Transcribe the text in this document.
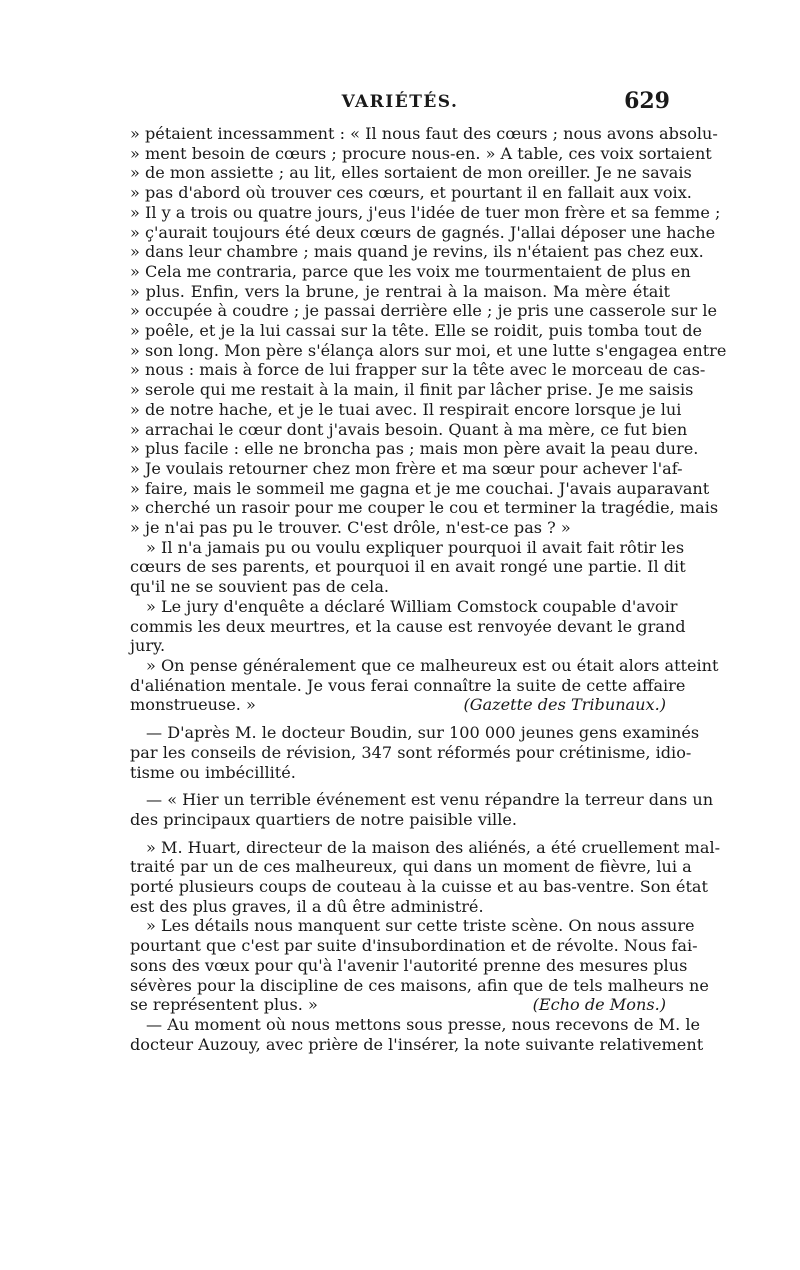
VARIÉTÉS.	629
» pétaient incessamment : « Il nous faut des cœurs ; nous avons absolu-
» ment besoin de cœurs ; procure nous-en. » A table, ces voix sortaient
» de mon assiette ; au lit, elles sortaient de mon oreiller. Je ne savais
» pas d'abord où trouver ces cœurs, et pourtant il en fallait aux voix.
» Il y a trois ou quatre jours, j'eus l'idée de tuer mon frère et sa femme ;
» ç'aurait toujours été deux cœurs de gagnés. J'allai déposer une hache
» dans leur chambre ; mais quand je revins, ils n'étaient pas chez eux.
» Cela me contraria, parce que les voix me tourmentaient de plus en
» plus. Enfin, vers la brune, je rentrai à la maison. Ma mère était
» occupée à coudre ; je passai derrière elle ; je pris une casserole sur le
» poêle, et je la lui cassai sur la tête. Elle se roidit, puis tomba tout de
» son long. Mon père s'élança alors sur moi, et une lutte s'engagea entre
» nous : mais à force de lui frapper sur la tête avec le morceau de cas-
» serole qui me restait à la main, il finit par lâcher prise. Je me saisis
» de notre hache, et je le tuai avec. Il respirait encore lorsque je lui
» arrachai le cœur dont j'avais besoin. Quant à ma mère, ce fut bien
» plus facile : elle ne broncha pas ; mais mon père avait la peau dure.
» Je voulais retourner chez mon frère et ma sœur pour achever l'af-
» faire, mais le sommeil me gagna et je me couchai. J'avais auparavant
» cherché un rasoir pour me couper le cou et terminer la tragédie, mais
» je n'ai pas pu le trouver. C'est drôle, n'est-ce pas ? »
» Il n'a jamais pu ou voulu expliquer pourquoi il avait fait rôtir les
cœurs de ses parents, et pourquoi il en avait rongé une partie. Il dit
qu'il ne se souvient pas de cela.
» Le jury d'enquête a déclaré William Comstock coupable d'avoir
commis les deux meurtres, et la cause est renvoyée devant le grand
jury.
» On pense généralement que ce malheureux est ou était alors atteint
d'aliénation mentale. Je vous ferai connaître la suite de cette affaire
monstrueuse. »	(Gazette des Tribunaux.)
— D'après M. le docteur Boudin, sur 100 000 jeunes gens examinés
par les conseils de révision, 347 sont réformés pour crétinisme, idio-
tisme ou imbécillité.
— « Hier un terrible événement est venu répandre la terreur dans un
des principaux quartiers de notre paisible ville.
» M. Huart, directeur de la maison des aliénés, a été cruellement mal-
traité par un de ces malheureux, qui dans un moment de fièvre, lui a
porté plusieurs coups de couteau à la cuisse et au bas-ventre. Son état
est des plus graves, il a dû être administré.
» Les détails nous manquent sur cette triste scène. On nous assure
pourtant que c'est par suite d'insubordination et de révolte. Nous fai-
sons des vœux pour qu'à l'avenir l'autorité prenne des mesures plus
sévères pour la discipline de ces maisons, afin que de tels malheurs ne
se représentent plus. »	(Echo de Mons.)
— Au moment où nous mettons sous presse, nous recevons de M. le
docteur Auzouy, avec prière de l'insérer, la note suivante relativement
